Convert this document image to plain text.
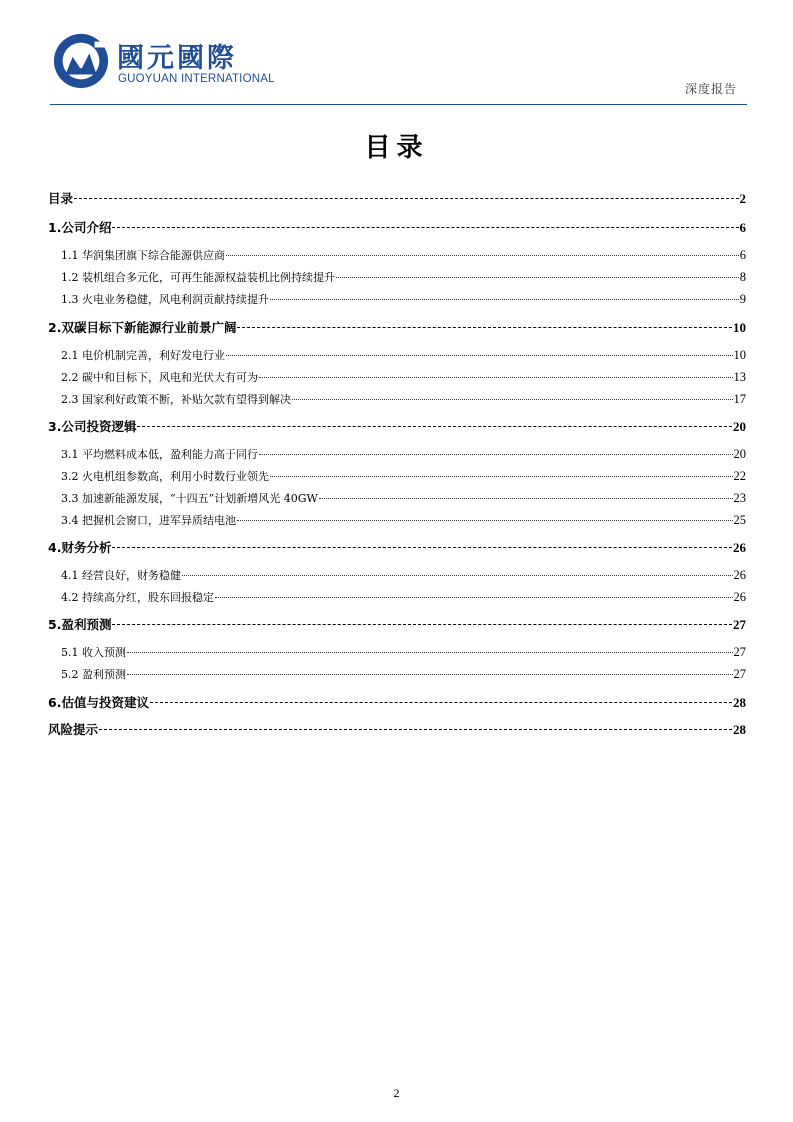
國元國際
GUOYUAN INTERNATIONAL
深度报告
目录
目录	2
1.公司介绍	6
1.1 华润集团旗下综合能源供应商	6
1.2 装机组合多元化，可再生能源权益装机比例持续提升	8
1.3 火电业务稳健，风电利润贡献持续提升	9
2.双碳目标下新能源行业前景广阔	10
2.1 电价机制完善，利好发电行业	10
2.2 碳中和目标下，风电和光伏大有可为	13
2.3 国家利好政策不断，补贴欠款有望得到解决	17
3.公司投资逻辑	20
3.1 平均燃料成本低，盈利能力高于同行	20
3.2 火电机组参数高，利用小时数行业领先	22
3.3 加速新能源发展，“十四五”计划新增风光 40GW	23
3.4 把握机会窗口，进军异质结电池	25
4.财务分析	26
4.1 经营良好，财务稳健	26
4.2 持续高分红，股东回报稳定	26
5.盈利预测	27
5.1 收入预测	27
5.2 盈利预测	27
6.估值与投资建议	28
风险提示	28
2
